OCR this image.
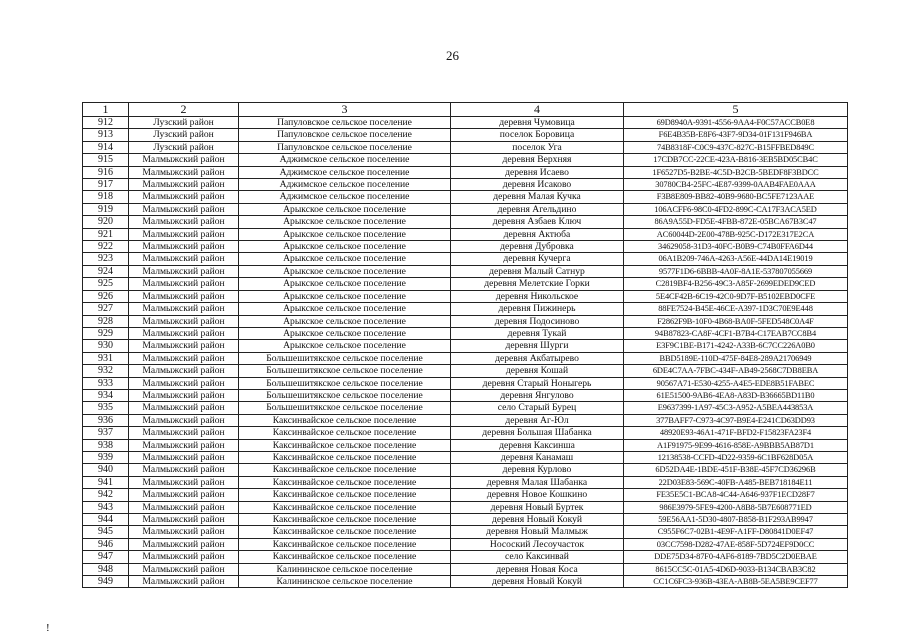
26
1	2	3	4	5
912	Лузский район	Папуловское сельское поселение	деревня Чумовица	69D8940A-9391-4556-9AA4-F0C57ACCB0E8
913	Лузский район	Папуловское сельское поселение	поселок Боровица	F6E4B35B-E8F6-43F7-9D34-01F131F946BA
914	Лузский район	Папуловское сельское поселение	поселок Уга	74B8318F-C0C9-437C-827C-B15FFBED849C
915	Малмыжский район	Аджимское сельское поселение	деревня Верхняя	17CDB7CC-22CE-423A-B816-3EB5BD05CB4C
916	Малмыжский район	Аджимское сельское поселение	деревня Исаево	1F6527D5-B2BE-4C5D-B2CB-5BEDF8F3BDCC
917	Малмыжский район	Аджимское сельское поселение	деревня Исаково	30780CB4-25FC-4E87-9399-0AAB4FAE0AAA
918	Малмыжский район	Аджимское сельское поселение	деревня Малая Кучка	F3B8E809-BB82-40B9-9680-BC5FE7123AAE
919	Малмыжский район	Арыкское сельское поселение	деревня Агельдино	106ACFF6-98C0-4FD2-899C-CA17F3ACA5ED
920	Малмыжский район	Арыкское сельское поселение	деревня Азбаев Ключ	86A9A55D-FD5E-4FBB-872E-05BCA67B3C47
921	Малмыжский район	Арыкское сельское поселение	деревня Актюба	AC60044D-2E00-478B-925C-D172E317E2CA
922	Малмыжский район	Арыкское сельское поселение	деревня Дубровка	34629058-31D3-40FC-B0B9-C74B0FFA6D44
923	Малмыжский район	Арыкское сельское поселение	деревня Кучерга	06A1B209-746A-4263-A56E-44DA14E19019
924	Малмыжский район	Арыкское сельское поселение	деревня Малый Сатнур	9577F1D6-6BBB-4A0F-8A1E-537807055669
925	Малмыжский район	Арыкское сельское поселение	деревня Мелетские Горки	C2819BF4-B256-49C3-A85F-2699EDED9CED
926	Малмыжский район	Арыкское сельское поселение	деревня Никольское	5E4CF42B-6C19-42C0-9D7F-B5102EBD0CFE
927	Малмыжский район	Арыкское сельское поселение	деревня Пижинерь	88FE7524-B45E-46CE-A397-1D3C70E9E448
928	Малмыжский район	Арыкское сельское поселение	деревня Подосиново	F2862F9B-10F0-4B68-BA0F-5FED548C0A4F
929	Малмыжский район	Арыкское сельское поселение	деревня Тукай	94B87823-CA8F-4CF1-B7B4-C17EAB7CC8B4
930	Малмыжский район	Арыкское сельское поселение	деревня Шурги	E3F9C1BE-B171-4242-A33B-6C7CC226A0B0
931	Малмыжский район	Большешитякское сельское поселение	деревня Акбатырево	BBD5189E-110D-475F-84E8-289A21706949
932	Малмыжский район	Большешитякское сельское поселение	деревня Кошай	6DE4C7AA-7FBC-434F-AB49-2568C7DB8EBA
933	Малмыжский район	Большешитякское сельское поселение	деревня Старый Ноныгерь	90567A71-E530-4255-A4E5-EDE8B51FABEC
934	Малмыжский район	Большешитякское сельское поселение	деревня Янгулово	61E51500-9AB6-4EA8-A83D-B36665BD11B0
935	Малмыжский район	Большешитякское сельское поселение	село Старый Бурец	E9637399-1A97-45C3-A952-A5BEA443853A
936	Малмыжский район	Каксинвайское сельское поселение	деревня Аг-Юл	377BAFF7-C973-4C97-B9E4-E241CD63DD93
937	Малмыжский район	Каксинвайское сельское поселение	деревня Большая Шабанка	48920E93-46A1-471F-BFD2-F15823FA23F4
938	Малмыжский район	Каксинвайское сельское поселение	деревня Каксинша	A1F91975-9E99-4616-858E-A9BBB5AB87D1
939	Малмыжский район	Каксинвайское сельское поселение	деревня Канамаш	12138538-CCFD-4D22-9359-6C1BF628D05A
940	Малмыжский район	Каксинвайское сельское поселение	деревня Курлово	6D52DA4E-1BDE-451F-B38E-45F7CD36296B
941	Малмыжский район	Каксинвайское сельское поселение	деревня Малая Шабанка	22D03E83-569C-40FB-A485-BEB718184E11
942	Малмыжский район	Каксинвайское сельское поселение	деревня Новое Кошкино	FE35E5C1-BCA8-4C44-A646-937F1ECD28F7
943	Малмыжский район	Каксинвайское сельское поселение	деревня Новый Буртек	986E3979-5FE9-4200-A8B8-5B7E608771ED
944	Малмыжский район	Каксинвайское сельское поселение	деревня Новый Кокуй	59E56AA1-5D30-4807-B858-B1F293AB9947
945	Малмыжский район	Каксинвайское сельское поселение	деревня Новый Малмыж	C955F6C7-02B1-4E9F-A1FF-D80841D0EF47
946	Малмыжский район	Каксинвайское сельское поселение	Носоский Лесоучасток	03CC7598-D282-47AE-858F-5D724EF9D0CC
947	Малмыжский район	Каксинвайское сельское поселение	село Каксинвай	DDE75D34-87F0-4AF6-8189-7BD5C2D0EBAE
948	Малмыжский район	Калининское сельское поселение	деревня Новая Коса	8615CC5C-01A5-4D6D-9033-B134CBAB3C82
949	Малмыжский район	Калининское сельское поселение	деревня Новый Кокуй	CC1C6FC3-936B-43EA-AB8B-5EA5BE9CEF77
!
